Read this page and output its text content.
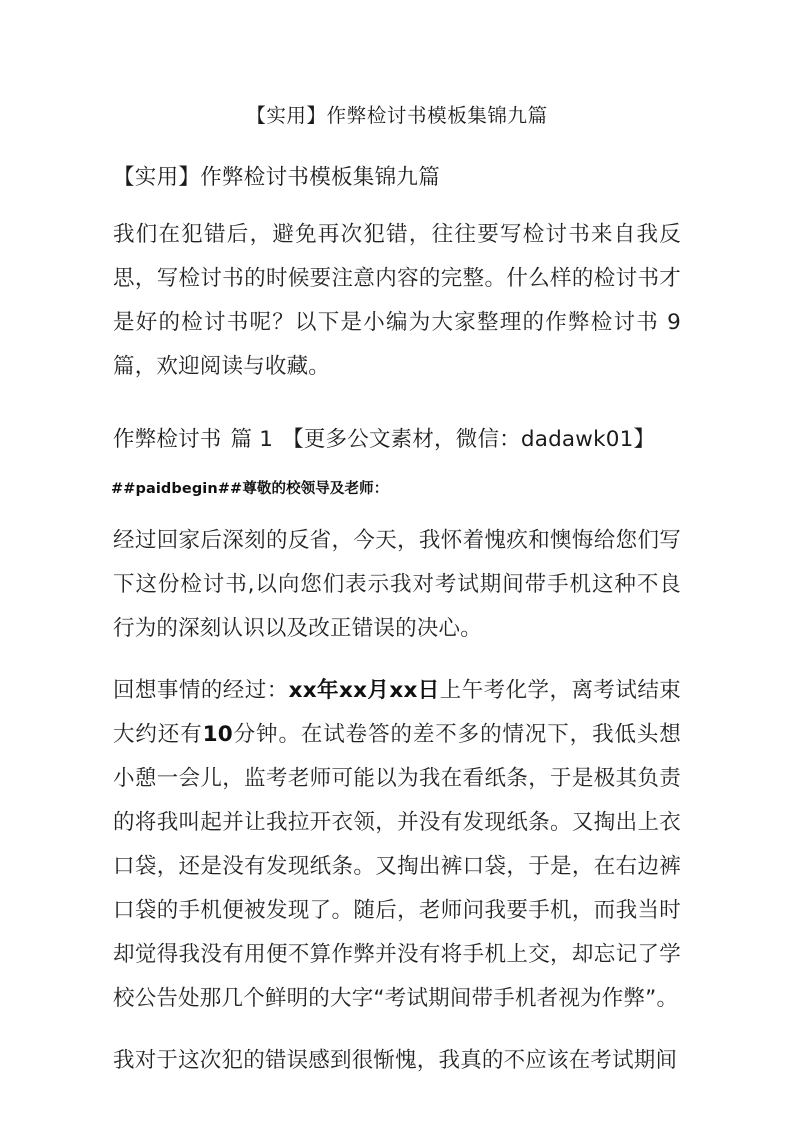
【实用】作弊检讨书模板集锦九篇

【实用】作弊检讨书模板集锦九篇

我们在犯错后，避免再次犯错，往往要写检讨书来自我反思，写检讨书的时候要注意内容的完整。什么样的检讨书才是好的检讨书呢？以下是小编为大家整理的作弊检讨书 9 篇，欢迎阅读与收藏。

作弊检讨书 篇 1 【更多公文素材，微信：dadawk01】

##paidbegin##尊敬的校领导及老师：

经过回家后深刻的反省，今天，我怀着愧疚和懊悔给您们写下这份检讨书,以向您们表示我对考试期间带手机这种不良行为的深刻认识以及改正错误的决心。

回想事情的经过：xx年xx月xx日上午考化学，离考试结束大约还有10分钟。在试卷答的差不多的情况下，我低头想小憩一会儿，监考老师可能以为我在看纸条，于是极其负责的将我叫起并让我拉开衣领，并没有发现纸条。又掏出上衣口袋，还是没有发现纸条。又掏出裤口袋，于是，在右边裤口袋的手机便被发现了。随后，老师问我要手机，而我当时却觉得我没有用便不算作弊并没有将手机上交，却忘记了学校公告处那几个鲜明的大字“考试期间带手机者视为作弊”。

我对于这次犯的错误感到很惭愧，我真的不应该在考试期间
